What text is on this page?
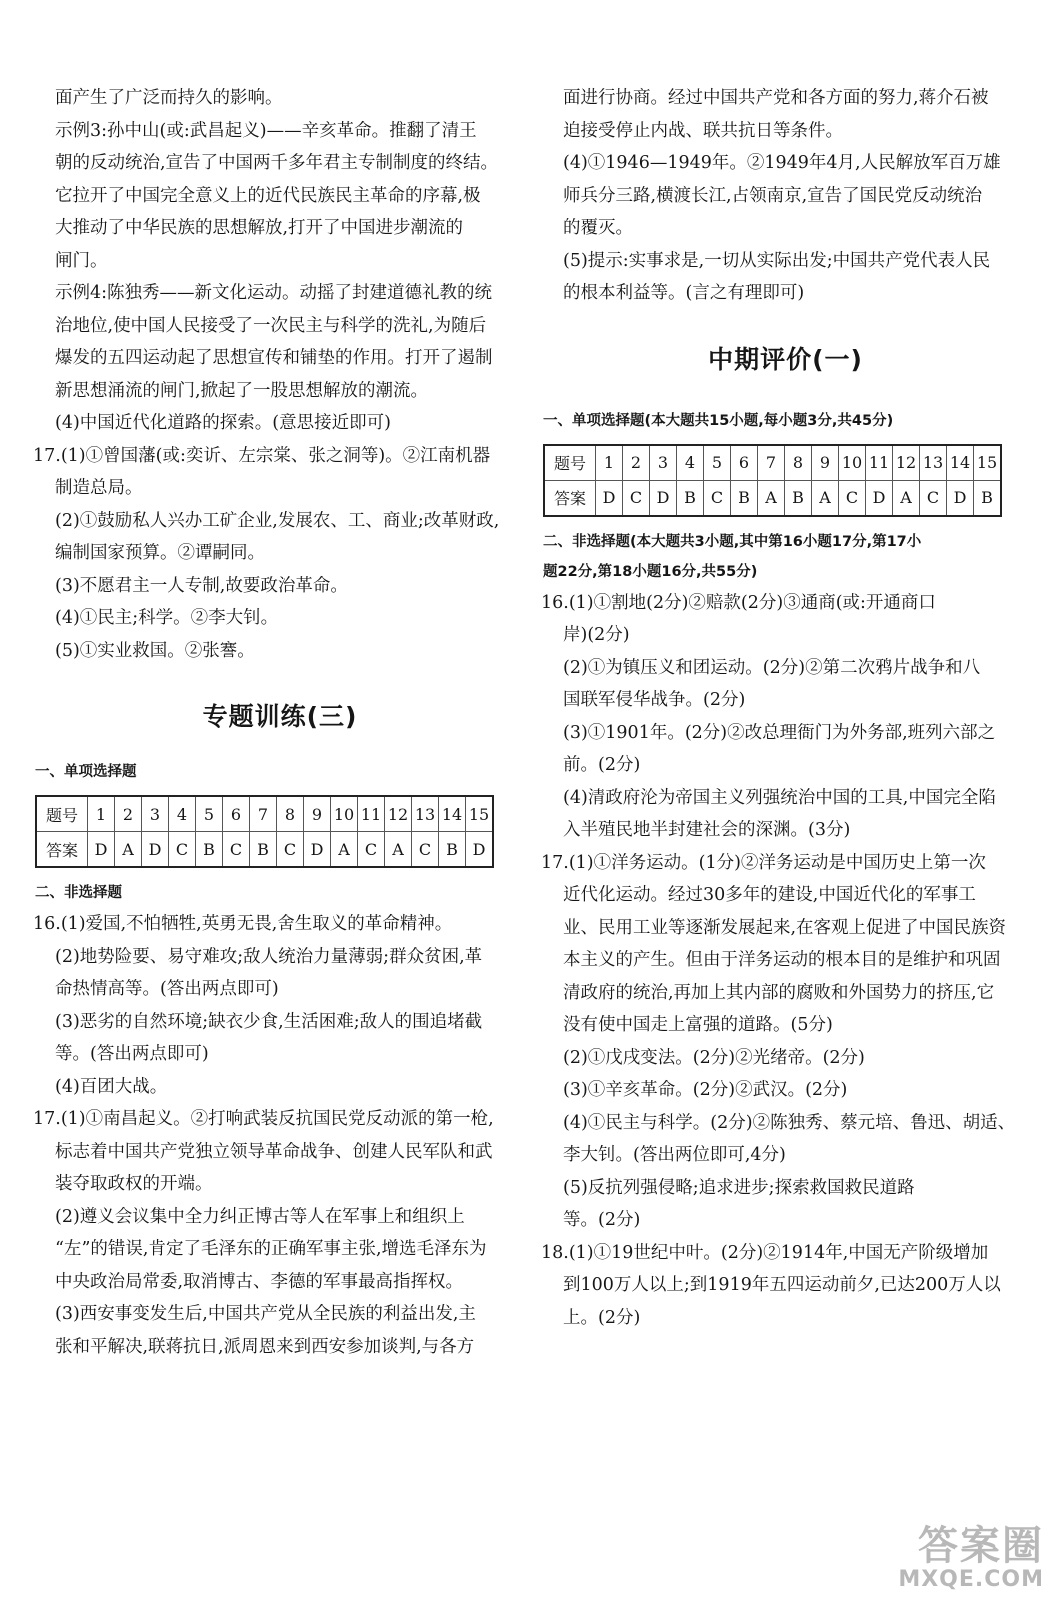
面产生了广泛而持久的影响。
示例3:孙中山(或:武昌起义)——辛亥革命。推翻了清王
朝的反动统治,宣告了中国两千多年君主专制制度的终结。
它拉开了中国完全意义上的近代民族民主革命的序幕,极
大推动了中华民族的思想解放,打开了中国进步潮流的
闸门。
示例4:陈独秀——新文化运动。动摇了封建道德礼教的统
治地位,使中国人民接受了一次民主与科学的洗礼,为随后
爆发的五四运动起了思想宣传和铺垫的作用。打开了遏制
新思想涌流的闸门,掀起了一股思想解放的潮流。
(4)中国近代化道路的探索。(意思接近即可)
17.(1)①曾国藩(或:奕䜣、左宗棠、张之洞等)。②江南机器
制造总局。
(2)①鼓励私人兴办工矿企业,发展农、工、商业;改革财政,
编制国家预算。②谭嗣同。
(3)不愿君主一人专制,故要政治革命。
(4)①民主;科学。②李大钊。
(5)①实业救国。②张謇。
专题训练(三)
一、单项选择题
题号	1	2	3	4	5	6	7	8	9	10	11	12	13	14	15
答案	D	A	D	C	B	C	B	C	D	A	C	A	C	B	D
二、非选择题
16.(1)爱国,不怕牺牲,英勇无畏,舍生取义的革命精神。
(2)地势险要、易守难攻;敌人统治力量薄弱;群众贫困,革
命热情高等。(答出两点即可)
(3)恶劣的自然环境;缺衣少食,生活困难;敌人的围追堵截
等。(答出两点即可)
(4)百团大战。
17.(1)①南昌起义。②打响武装反抗国民党反动派的第一枪,
标志着中国共产党独立领导革命战争、创建人民军队和武
装夺取政权的开端。
(2)遵义会议集中全力纠正博古等人在军事上和组织上
“左”的错误,肯定了毛泽东的正确军事主张,增选毛泽东为
中央政治局常委,取消博古、李德的军事最高指挥权。
(3)西安事变发生后,中国共产党从全民族的利益出发,主
张和平解决,联蒋抗日,派周恩来到西安参加谈判,与各方
面进行协商。经过中国共产党和各方面的努力,蒋介石被
迫接受停止内战、联共抗日等条件。
(4)①1946—1949年。②1949年4月,人民解放军百万雄
师兵分三路,横渡长江,占领南京,宣告了国民党反动统治
的覆灭。
(5)提示:实事求是,一切从实际出发;中国共产党代表人民
的根本利益等。(言之有理即可)
中期评价(一)
一、单项选择题(本大题共15小题,每小题3分,共45分)
题号	1	2	3	4	5	6	7	8	9	10	11	12	13	14	15
答案	D	C	D	B	C	B	A	B	A	C	D	A	C	D	B
二、非选择题(本大题共3小题,其中第16小题17分,第17小
题22分,第18小题16分,共55分)
16.(1)①割地(2分)②赔款(2分)③通商(或:开通商口
岸)(2分)
(2)①为镇压义和团运动。(2分)②第二次鸦片战争和八
国联军侵华战争。(2分)
(3)①1901年。(2分)②改总理衙门为外务部,班列六部之
前。(2分)
(4)清政府沦为帝国主义列强统治中国的工具,中国完全陷
入半殖民地半封建社会的深渊。(3分)
17.(1)①洋务运动。(1分)②洋务运动是中国历史上第一次
近代化运动。经过30多年的建设,中国近代化的军事工
业、民用工业等逐渐发展起来,在客观上促进了中国民族资
本主义的产生。但由于洋务运动的根本目的是维护和巩固
清政府的统治,再加上其内部的腐败和外国势力的挤压,它
没有使中国走上富强的道路。(5分)
(2)①戊戌变法。(2分)②光绪帝。(2分)
(3)①辛亥革命。(2分)②武汉。(2分)
(4)①民主与科学。(2分)②陈独秀、蔡元培、鲁迅、胡适、
李大钊。(答出两位即可,4分)
(5)反抗列强侵略;追求进步;探索救国救民道路
等。(2分)
18.(1)①19世纪中叶。(2分)②1914年,中国无产阶级增加
到100万人以上;到1919年五四运动前夕,已达200万人以
上。(2分)
答案圈
MXQE.COM
